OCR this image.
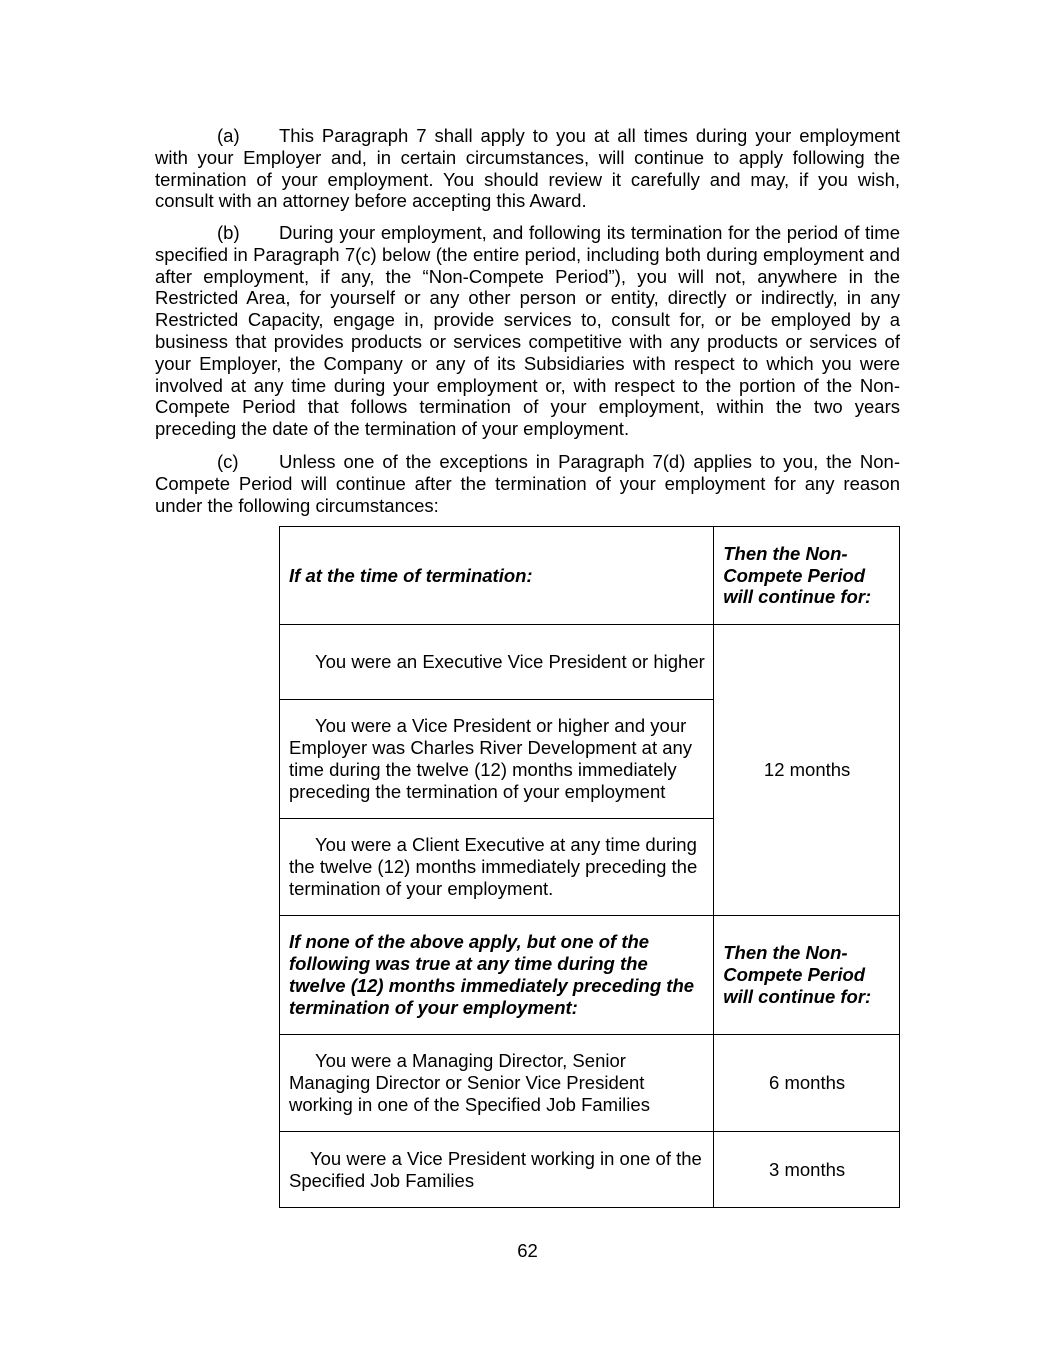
(a) This Paragraph 7 shall apply to you at all times during your employment with your Employer and, in certain circumstances, will continue to apply following the termination of your employment. You should review it carefully and may, if you wish, consult with an attorney before accepting this Award.

(b) During your employment, and following its termination for the period of time specified in Paragraph 7(c) below (the entire period, including both during employment and after employment, if any, the “Non-Compete Period”), you will not, anywhere in the Restricted Area, for yourself or any other person or entity, directly or indirectly, in any Restricted Capacity, engage in, provide services to, consult for, or be employed by a business that provides products or services competitive with any products or services of your Employer, the Company or any of its Subsidiaries with respect to which you were involved at any time during your employment or, with respect to the portion of the Non-Compete Period that follows termination of your employment, within the two years preceding the date of the termination of your employment.

(c) Unless one of the exceptions in Paragraph 7(d) applies to you, the Non-Compete Period will continue after the termination of your employment for any reason under the following circumstances:

If at the time of termination:	Then the Non-Compete Period will continue for:
You were an Executive Vice President or higher	12 months
You were a Vice President or higher and your Employer was Charles River Development at any time during the twelve (12) months immediately preceding the termination of your employment	
You were a Client Executive at any time during the twelve (12) months immediately preceding the termination of your employment.	
If none of the above apply, but one of the following was true at any time during the twelve (12) months immediately preceding the termination of your employment:	Then the Non-Compete Period will continue for:
You were a Managing Director, Senior Managing Director or Senior Vice President working in one of the Specified Job Families	6 months
You were a Vice President working in one of the Specified Job Families	3 months
62
